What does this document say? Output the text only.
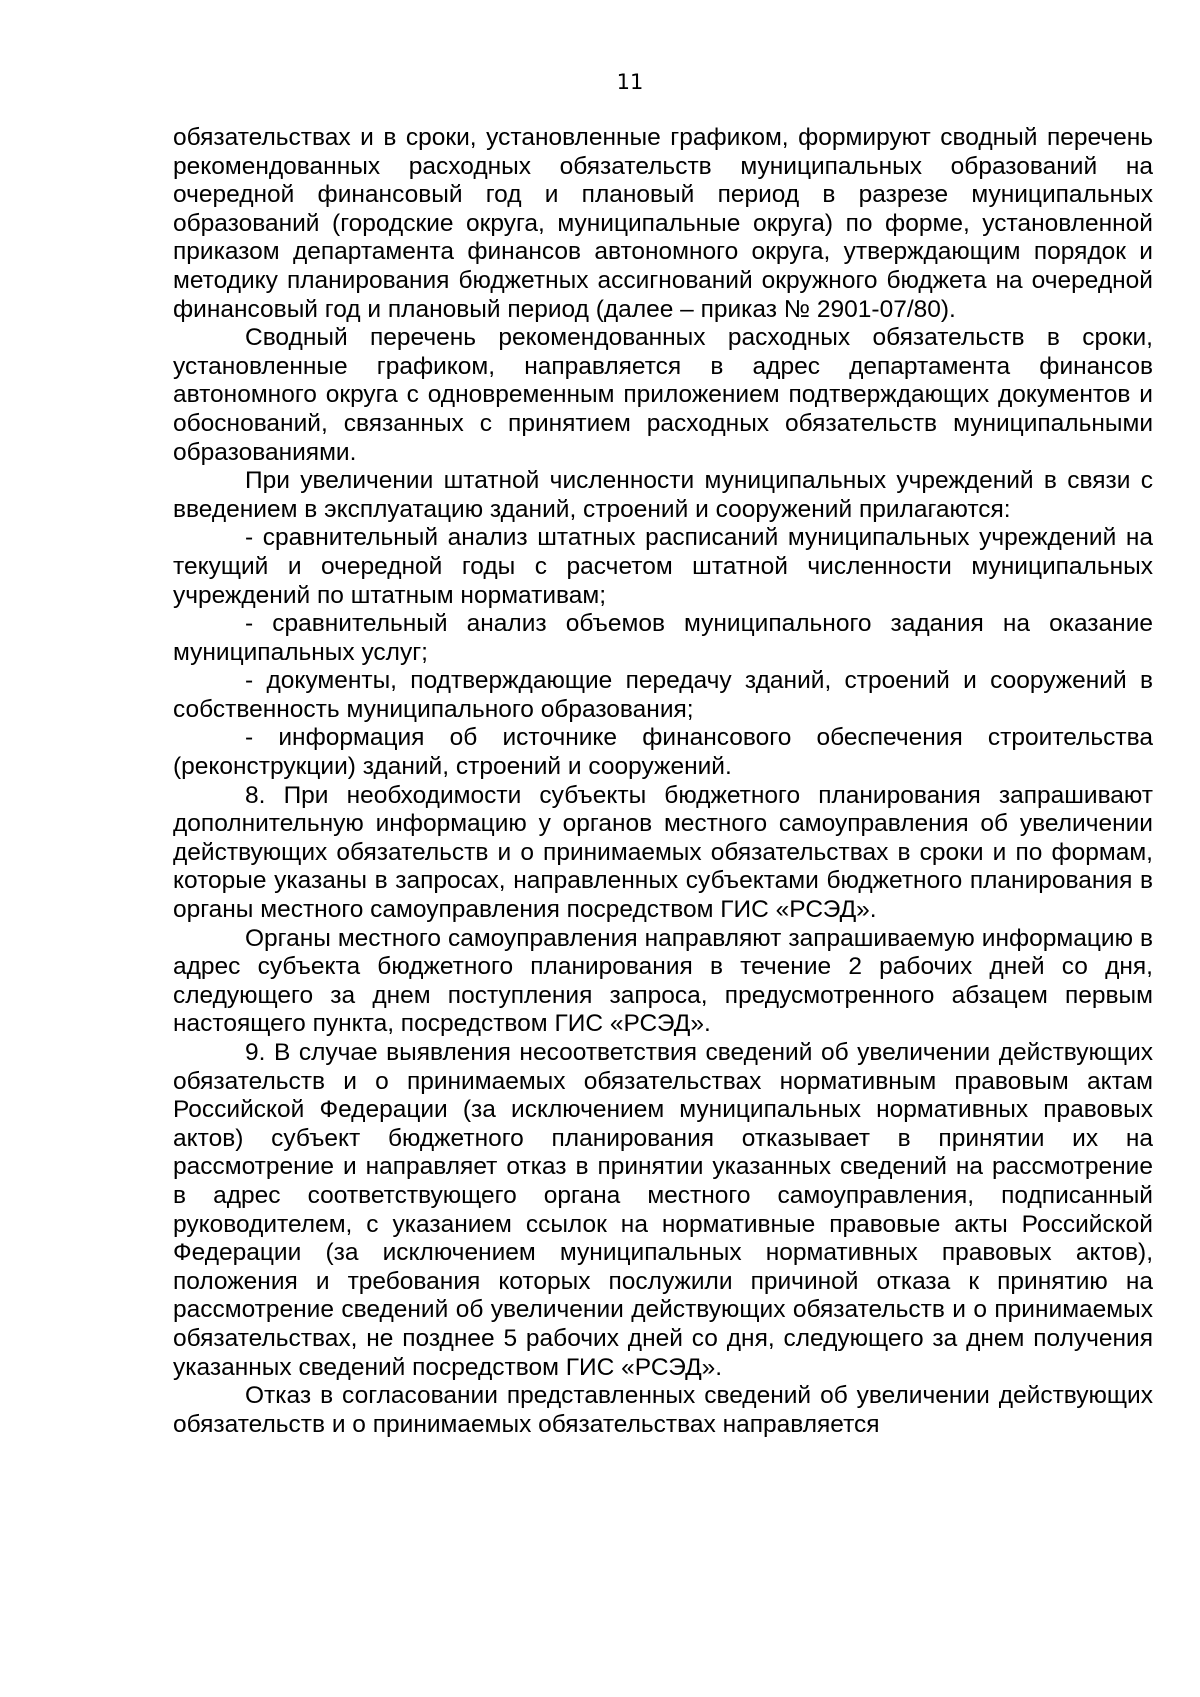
11

обязательствах и в сроки, установленные графиком, формируют сводный перечень рекомендованных расходных обязательств муниципальных образований на очередной финансовый год и плановый период в разрезе муниципальных образований (городские округа, муниципальные округа) по форме, установленной приказом департамента финансов автономного округа, утверждающим порядок и методику планирования бюджетных ассигнований окружного бюджета на очередной финансовый год и плановый период (далее – приказ № 2901-07/80).

Сводный перечень рекомендованных расходных обязательств в сроки, установленные графиком, направляется в адрес департамента финансов автономного округа с одновременным приложением подтверждающих документов и обоснований, связанных с принятием расходных обязательств муниципальными образованиями.

При увеличении штатной численности муниципальных учреждений в связи с введением в эксплуатацию зданий, строений и сооружений прилагаются:

- сравнительный анализ штатных расписаний муниципальных учреждений на текущий и очередной годы с расчетом штатной численности муниципальных учреждений по штатным нормативам;

- сравнительный анализ объемов муниципального задания на оказание муниципальных услуг;

- документы, подтверждающие передачу зданий, строений и сооружений в собственность муниципального образования;

- информация об источнике финансового обеспечения строительства (реконструкции) зданий, строений и сооружений.

8. При необходимости субъекты бюджетного планирования запрашивают дополнительную информацию у органов местного самоуправления об увеличении действующих обязательств и о принимаемых обязательствах в сроки и по формам, которые указаны в запросах, направленных субъектами бюджетного планирования в органы местного самоуправления посредством ГИС «РСЭД».

Органы местного самоуправления направляют запрашиваемую информацию в адрес субъекта бюджетного планирования в течение 2 рабочих дней со дня, следующего за днем поступления запроса, предусмотренного абзацем первым настоящего пункта, посредством ГИС «РСЭД».

9. В случае выявления несоответствия сведений об увеличении действующих обязательств и о принимаемых обязательствах нормативным правовым актам Российской Федерации (за исключением муниципальных нормативных правовых актов) субъект бюджетного планирования отказывает в принятии их на рассмотрение и направляет отказ в принятии указанных сведений на рассмотрение в адрес соответствующего органа местного самоуправления, подписанный руководителем, с указанием ссылок на нормативные правовые акты Российской Федерации (за исключением муниципальных нормативных правовых актов), положения и требования которых послужили причиной отказа к принятию на рассмотрение сведений об увеличении действующих обязательств и о принимаемых обязательствах, не позднее 5 рабочих дней со дня, следующего за днем получения указанных сведений посредством ГИС «РСЭД».

Отказ в согласовании представленных сведений об увеличении действующих обязательств и о принимаемых обязательствах направляется
